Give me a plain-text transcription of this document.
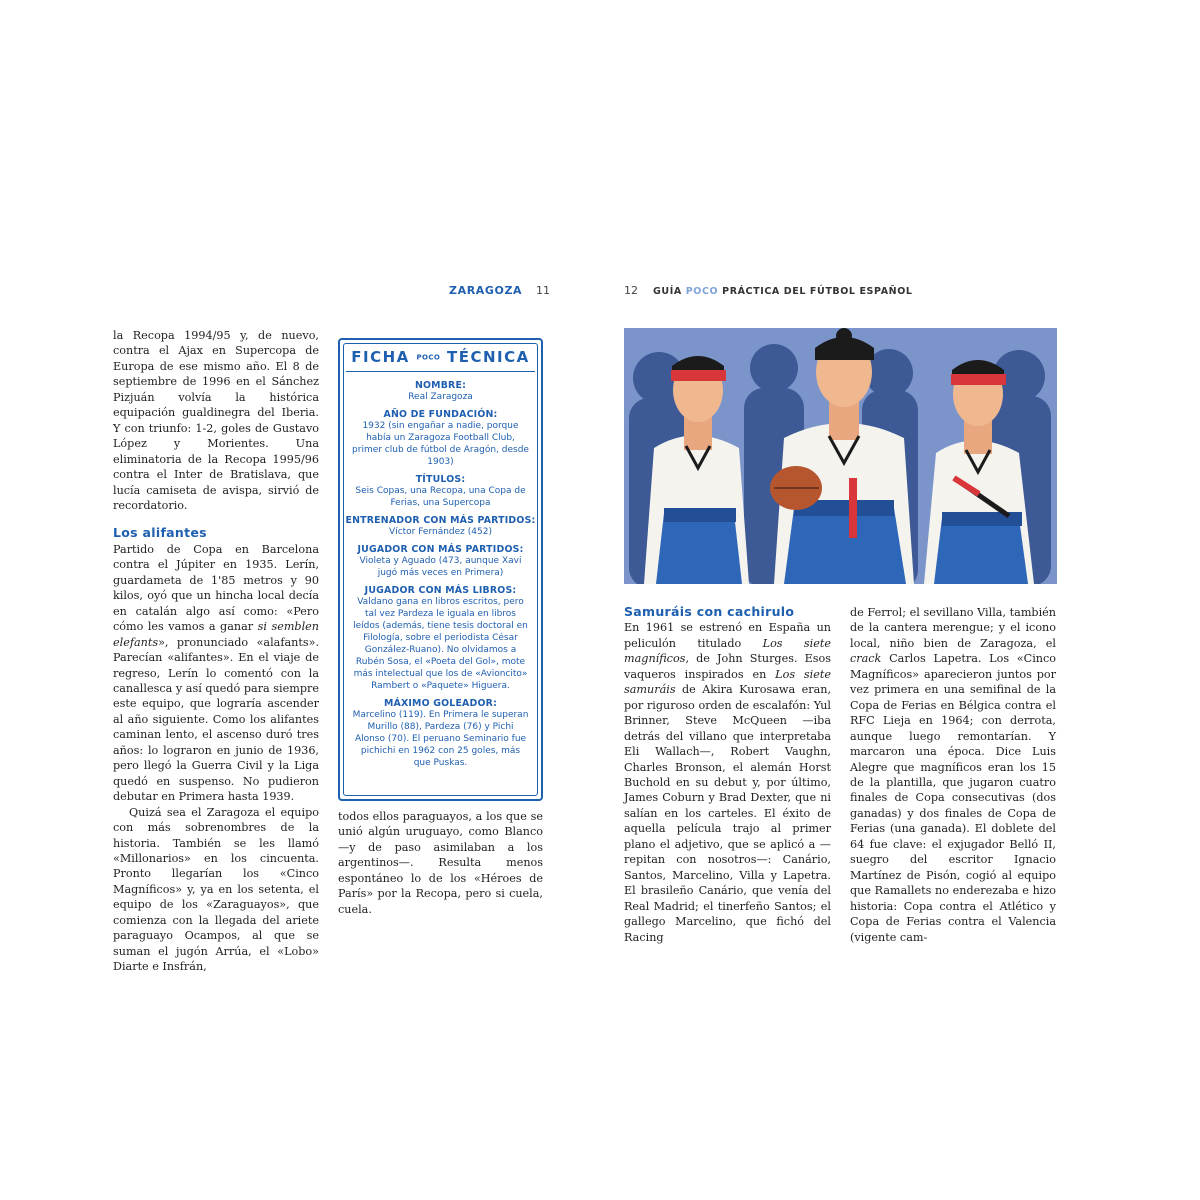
ZARAGOZA 11	12 GUÍA POCO PRÁCTICA DEL FÚTBOL ESPAÑOL

la Recopa 1994/95 y, de nuevo, contra el Ajax en Supercopa de Europa de ese mismo año. El 8 de septiembre de 1996 en el Sánchez Pizjuán volvía la histórica equipación gualdinegra del Iberia. Y con triunfo: 1-2, goles de Gustavo López y Morientes. Una eliminatoria de la Recopa 1995/96 contra el Inter de Bratislava, que lucía camiseta de avispa, sirvió de recordatorio.

Los alifantes

Partido de Copa en Barcelona contra el Júpiter en 1935. Lerín, guardameta de 1'85 metros y 90 kilos, oyó que un hincha local decía en catalán algo así como: «Pero cómo les vamos a ganar si semblen elefants», pronunciado «alafants». Parecían «alifantes». En el viaje de regreso, Lerín lo comentó con la canallesca y así quedó para siempre este equipo, que lograría ascender al año siguiente. Como los alifantes caminan lento, el ascenso duró tres años: lo lograron en junio de 1936, pero llegó la Guerra Civil y la Liga quedó en suspenso. No pudieron debutar en Primera hasta 1939.

Quizá sea el Zaragoza el equipo con más sobrenombres de la historia. También se les llamó «Millonarios» en los cincuenta. Pronto llegarían los «Cinco Magníficos» y, ya en los setenta, el equipo de los «Zaraguayos», que comienza con la llegada del ariete paraguayo Ocampos, al que se suman el jugón Arrúa, el «Lobo» Diarte e Insfrán,

FICHA POCO TÉCNICA
NOMBRE:
Real Zaragoza
AÑO DE FUNDACIÓN:
1932 (sin engañar a nadie, porque había un Zaragoza Football Club, primer club de fútbol de Aragón, desde 1903)
TÍTULOS:
Seis Copas, una Recopa, una Copa de Ferias, una Supercopa
ENTRENADOR CON MÁS PARTIDOS:
Víctor Fernández (452)
JUGADOR CON MÁS PARTIDOS:
Violeta y Aguado (473, aunque Xavi jugó más veces en Primera)
JUGADOR CON MÁS LIBROS:
Valdano gana en libros escritos, pero tal vez Pardeza le iguala en libros leídos (además, tiene tesis doctoral en Filología, sobre el periodista César González-Ruano). No olvidamos a Rubén Sosa, el «Poeta del Gol», mote más intelectual que los de «Avioncito» Rambert o «Paquete» Higuera.
MÁXIMO GOLEADOR:
Marcelino (119). En Primera le superan Murillo (88), Pardeza (76) y Pichi Alonso (70). El peruano Seminario fue pichichi en 1962 con 25 goles, más que Puskas.

todos ellos paraguayos, a los que se unió algún uruguayo, como Blanco —y de paso asimilaban a los argentinos—. Resulta menos espontáneo lo de los «Héroes de París» por la Recopa, pero si cuela, cuela.

Samuráis con cachirulo

En 1961 se estrenó en España un peliculón titulado Los siete magníficos, de John Sturges. Esos vaqueros inspirados en Los siete samuráis de Akira Kurosawa eran, por riguroso orden de escalafón: Yul Brinner, Steve McQueen —iba detrás del villano que interpretaba Eli Wallach—, Robert Vaughn, Charles Bronson, el alemán Horst Buchold en su debut y, por último, James Coburn y Brad Dexter, que ni salían en los carteles. El éxito de aquella película trajo al primer plano el adjetivo, que se aplicó a —repitan con nosotros—: Canário, Santos, Marcelino, Villa y Lapetra. El brasileño Canário, que venía del Real Madrid; el tinerfeño Santos; el gallego Marcelino, que fichó del Racing

de Ferrol; el sevillano Villa, también de la cantera merengue; y el icono local, niño bien de Zaragoza, el crack Carlos Lapetra. Los «Cinco Magníficos» aparecieron juntos por vez primera en una semifinal de la Copa de Ferias en Bélgica contra el RFC Lieja en 1964; con derrota, aunque luego remontarían. Y marcaron una época. Dice Luis Alegre que magníficos eran los 15 de la plantilla, que jugaron cuatro finales de Copa consecutivas (dos ganadas) y dos finales de Copa de Ferias (una ganada). El doblete del 64 fue clave: el exjugador Belló II, suegro del escritor Ignacio Martínez de Pisón, cogió al equipo que Ramallets no enderezaba e hizo historia: Copa contra el Atlético y Copa de Ferias contra el Valencia (vigente cam-
